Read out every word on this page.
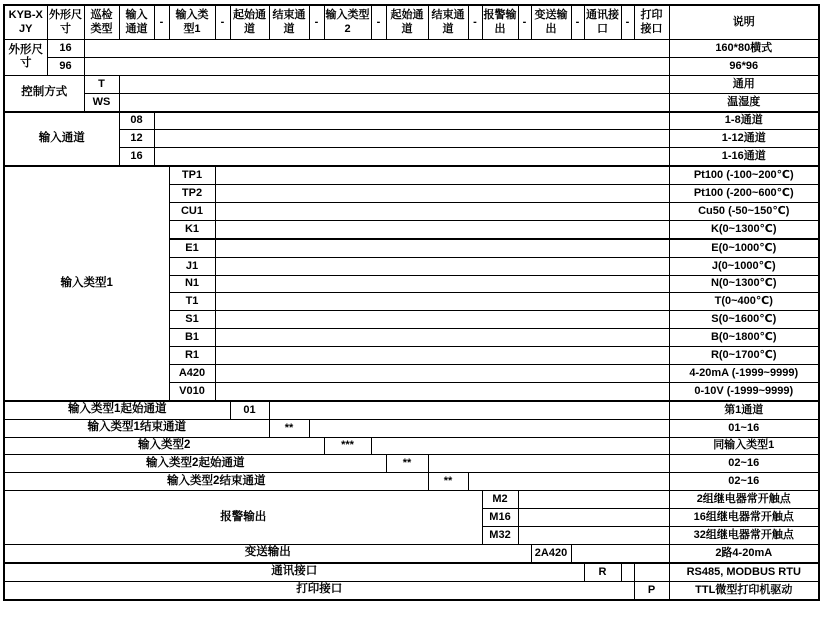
KYB-XJY	外形尺寸	巡检类型	输入通道	-	输入类型1	-	起始通道	结束通道	-	输入类型2	-	起始通道	结束通道	-	报警输出	-	变送输出	-	通讯接口	-	打印接口	说明
外形尺寸	16																					160*80横式
	96																					96*96
控制方式		T																				通用
		WS																				温湿度
输入通道			08																			1-8通道
			12																			1-12通道
			16																			1-16通道
输入类型1					TP1																	Pt100 (-100~200℃)
					TP2																	Pt100 (-200~600℃)
					CU1																	Cu50 (-50~150℃)
					K1																	K(0~1300℃)
					E1																	E(0~1000℃)
					J1																	J(0~1000℃)
					N1																	N(0~1300℃)
					T1																	T(0~400℃)
					S1																	S(0~1600℃)
					B1																	B(0~1800℃)
					R1																	R(0~1700℃)
					A420																	4-20mA (-1999~9999)
					V010																	0-10V (-1999~9999)
输入类型1起始通道							01															第1通道
输入类型1结束通道								**														01~16
输入类型2										***												同输入类型1
输入类型2起始通道												**										02~16
输入类型2结束通道													**									02~16
报警输出															M2							2组继电器常开触点
															M16							16组继电器常开触点
															M32							32组继电器常开触点
变送输出																	2A420					2路4-20mA
通讯接口																			R			RS485, MODBUS RTU
打印接口																					P	TTL微型打印机驱动
